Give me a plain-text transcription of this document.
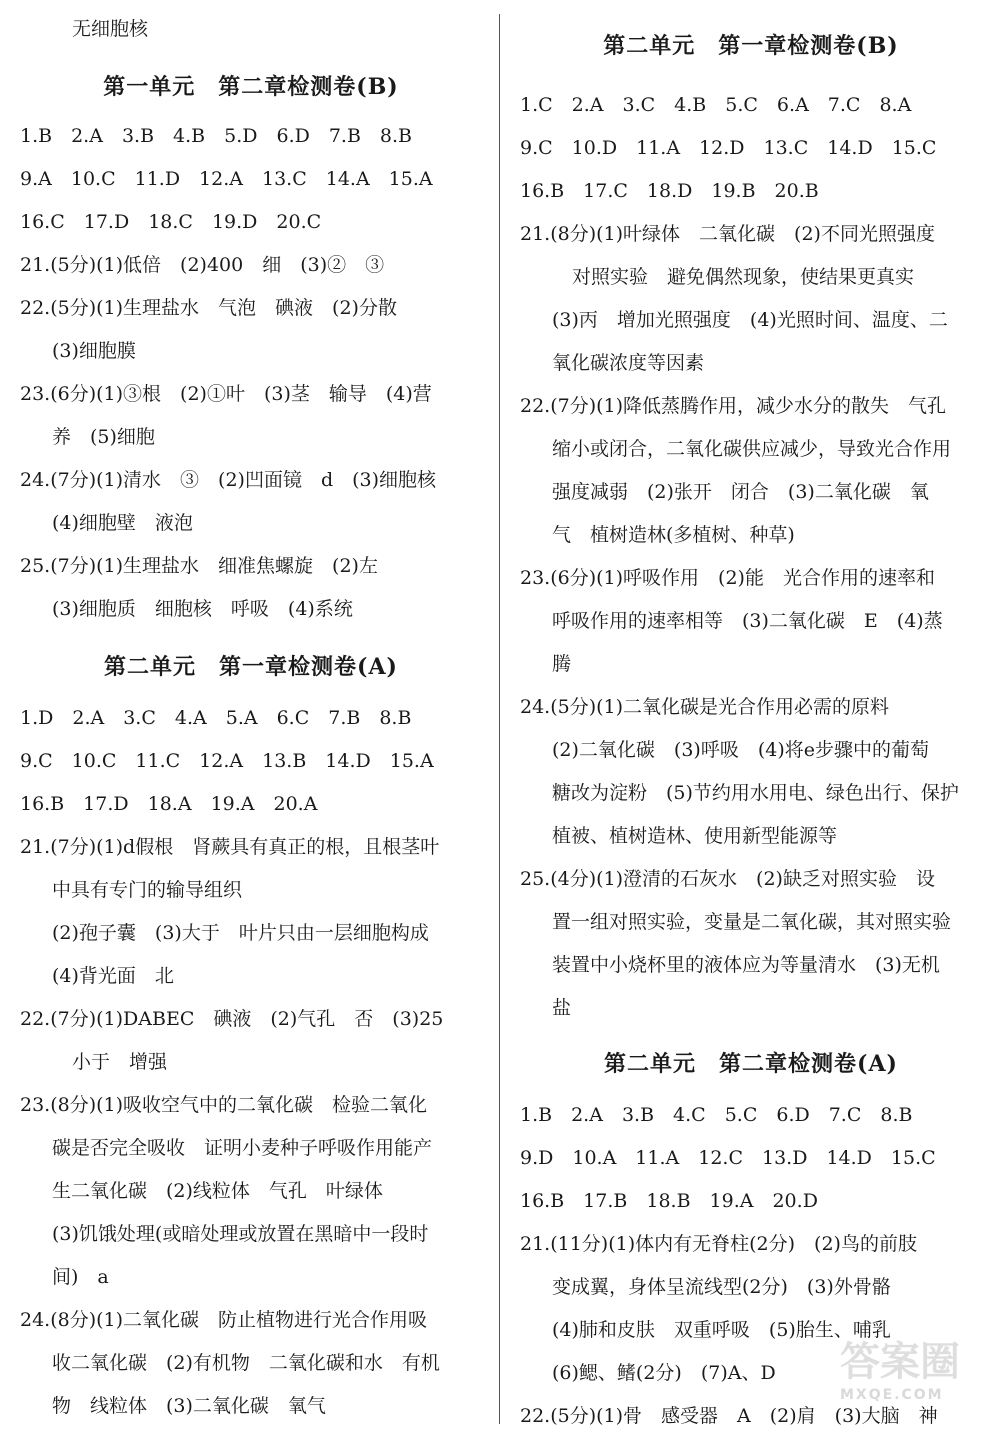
无细胞核
第一单元　第二章检测卷(B)
1.B　2.A　3.B　4.B　5.D　6.D　7.B　8.B
9.A　10.C　11.D　12.A　13.C　14.A　15.A
16.C　17.D　18.C　19.D　20.C
21.(5分)(1)低倍　(2)400　细　(3)②　③
22.(5分)(1)生理盐水　气泡　碘液　(2)分散
(3)细胞膜
23.(6分)(1)③根　(2)①叶　(3)茎　输导　(4)营
养　(5)细胞
24.(7分)(1)清水　③　(2)凹面镜　d　(3)细胞核
(4)细胞壁　液泡
25.(7分)(1)生理盐水　细准焦螺旋　(2)左
(3)细胞质　细胞核　呼吸　(4)系统
第二单元　第一章检测卷(A)
1.D　2.A　3.C　4.A　5.A　6.C　7.B　8.B
9.C　10.C　11.C　12.A　13.B　14.D　15.A
16.B　17.D　18.A　19.A　20.A
21.(7分)(1)d假根　肾蕨具有真正的根，且根茎叶
中具有专门的输导组织
(2)孢子囊　(3)大于　叶片只由一层细胞构成
(4)背光面　北
22.(7分)(1)DABEC　碘液　(2)气孔　否　(3)25
小于　增强
23.(8分)(1)吸收空气中的二氧化碳　检验二氧化
碳是否完全吸收　证明小麦种子呼吸作用能产
生二氧化碳　(2)线粒体　气孔　叶绿体
(3)饥饿处理(或暗处理或放置在黑暗中一段时
间)　a
24.(8分)(1)二氧化碳　防止植物进行光合作用吸
收二氧化碳　(2)有机物　二氧化碳和水　有机
物　线粒体　(3)二氧化碳　氧气
第二单元　第一章检测卷(B)
1.C　2.A　3.C　4.B　5.C　6.A　7.C　8.A
9.C　10.D　11.A　12.D　13.C　14.D　15.C
16.B　17.C　18.D　19.B　20.B
21.(8分)(1)叶绿体　二氧化碳　(2)不同光照强度
对照实验　避免偶然现象，使结果更真实
(3)丙　增加光照强度　(4)光照时间、温度、二
氧化碳浓度等因素
22.(7分)(1)降低蒸腾作用，减少水分的散失　气孔
缩小或闭合，二氧化碳供应减少，导致光合作用
强度减弱　(2)张开　闭合　(3)二氧化碳　氧
气　植树造林(多植树、种草)
23.(6分)(1)呼吸作用　(2)能　光合作用的速率和
呼吸作用的速率相等　(3)二氧化碳　E　(4)蒸
腾
24.(5分)(1)二氧化碳是光合作用必需的原料
(2)二氧化碳　(3)呼吸　(4)将e步骤中的葡萄
糖改为淀粉　(5)节约用水用电、绿色出行、保护
植被、植树造林、使用新型能源等
25.(4分)(1)澄清的石灰水　(2)缺乏对照实验　设
置一组对照实验，变量是二氧化碳，其对照实验
装置中小烧杯里的液体应为等量清水　(3)无机
盐
第二单元　第二章检测卷(A)
1.B　2.A　3.B　4.C　5.C　6.D　7.C　8.B
9.D　10.A　11.A　12.C　13.D　14.D　15.C
16.B　17.B　18.B　19.A　20.D
21.(11分)(1)体内有无脊柱(2分)　(2)鸟的前肢
变成翼，身体呈流线型(2分)　(3)外骨骼
(4)肺和皮肤　双重呼吸　(5)胎生、哺乳
(6)鳃、鳍(2分)　(7)A、D
22.(5分)(1)骨　感受器　A　(2)肩　(3)大脑　神
答案圈
MXQE.COM
